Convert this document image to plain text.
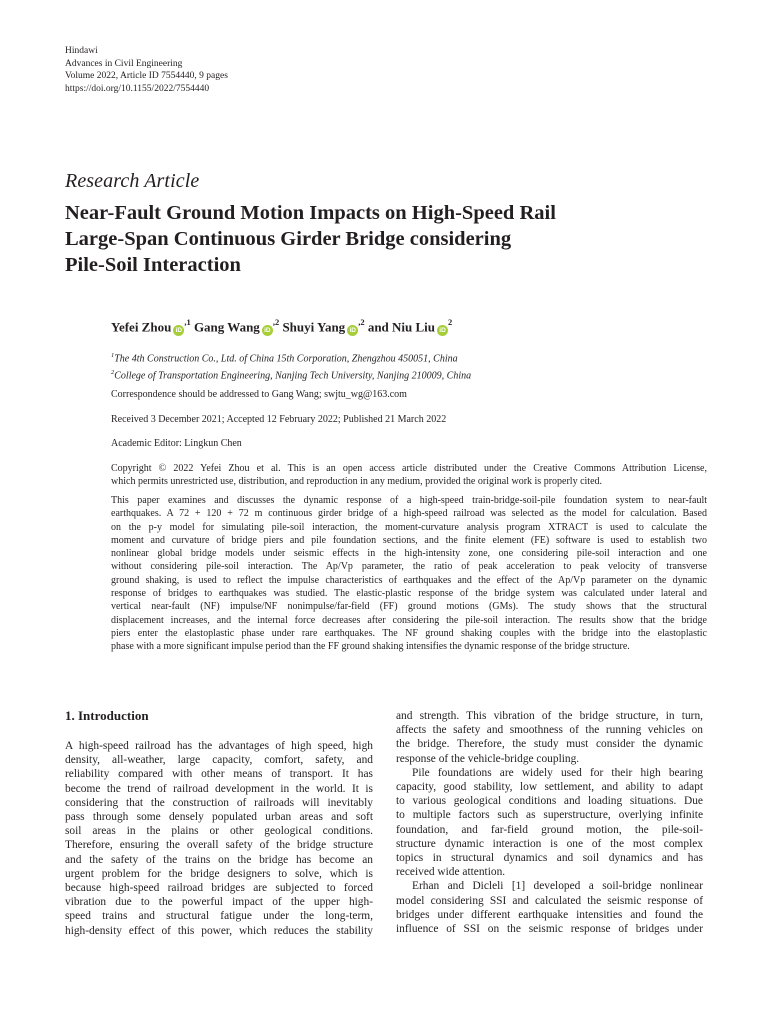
Hindawi
Advances in Civil Engineering
Volume 2022, Article ID 7554440, 9 pages
https://doi.org/10.1155/2022/7554440
Research Article
Near-Fault Ground Motion Impacts on High-Speed Rail
Large-Span Continuous Girder Bridge considering
Pile-Soil Interaction
Yefei Zhou $iD^{,1}$ Gang Wang $iD^{,2}$ Shuyi Yang $iD^{,2}$ and Niu Liu $iD^2$
$^1$The 4th Construction Co., Ltd. of China 15th Corporation, Zhengzhou 450051, China
$^2$College of Transportation Engineering, Nanjing Tech University, Nanjing 210009, China
Correspondence should be addressed to Gang Wang; swjtu_wg@163.com
Received 3 December 2021; Accepted 12 February 2022; Published 21 March 2022
Academic Editor: Lingkun Chen
Copyright © 2022 Yefei Zhou et al. This is an open access article distributed under the Creative Commons Attribution License,
which permits unrestricted use, distribution, and reproduction in any medium, provided the original work is properly cited.
This paper examines and discusses the dynamic response of a high-speed train-bridge-soil-pile foundation system to near-fault
earthquakes. A 72 + 120 + 72 m continuous girder bridge of a high-speed railroad was selected as the model for calculation. Based
on the p-y model for simulating pile-soil interaction, the moment-curvature analysis program XTRACT is used to calculate the
moment and curvature of bridge piers and pile foundation sections, and the finite element (FE) software is used to establish two
nonlinear global bridge models under seismic effects in the high-intensity zone, one considering pile-soil interaction and one
without considering pile-soil interaction. The Ap/Vp parameter, the ratio of peak acceleration to peak velocity of transverse
ground shaking, is used to reflect the impulse characteristics of earthquakes and the effect of the Ap/Vp parameter on the dynamic
response of bridges to earthquakes was studied. The elastic-plastic response of the bridge system was calculated under lateral and
vertical near-fault (NF) impulse/NF nonimpulse/far-field (FF) ground motions (GMs). The study shows that the structural
displacement increases, and the internal force decreases after considering the pile-soil interaction. The results show that the bridge
piers enter the elastoplastic phase under rare earthquakes. The NF ground shaking couples with the bridge into the elastoplastic
phase with a more significant impulse period than the FF ground shaking intensifies the dynamic response of the bridge structure.
1. Introduction
A high-speed railroad has the advantages of high speed, high
density, all-weather, large capacity, comfort, safety, and
reliability compared with other means of transport. It has
become the trend of railroad development in the world. It is
considering that the construction of railroads will inevitably
pass through some densely populated urban areas and soft
soil areas in the plains or other geological conditions.
Therefore, ensuring the overall safety of the bridge structure
and the safety of the trains on the bridge has become an
urgent problem for the bridge designers to solve, which is
because high-speed railroad bridges are subjected to forced
vibration due to the powerful impact of the upper high-
speed trains and structural fatigue under the long-term,
high-density effect of this power, which reduces the stability
and strength. This vibration of the bridge structure, in turn,
affects the safety and smoothness of the running vehicles on
the bridge. Therefore, the study must consider the dynamic
response of the vehicle-bridge coupling.
Pile foundations are widely used for their high bearing
capacity, good stability, low settlement, and ability to adapt
to various geological conditions and loading situations. Due
to multiple factors such as superstructure, overlying infinite
foundation, and far-field ground motion, the pile-soil-
structure dynamic interaction is one of the most complex
topics in structural dynamics and soil dynamics and has
received wide attention.
Erhan and Dicleli [1] developed a soil-bridge nonlinear
model considering SSI and calculated the seismic response of
bridges under different earthquake intensities and found the
influence of SSI on the seismic response of bridges under
